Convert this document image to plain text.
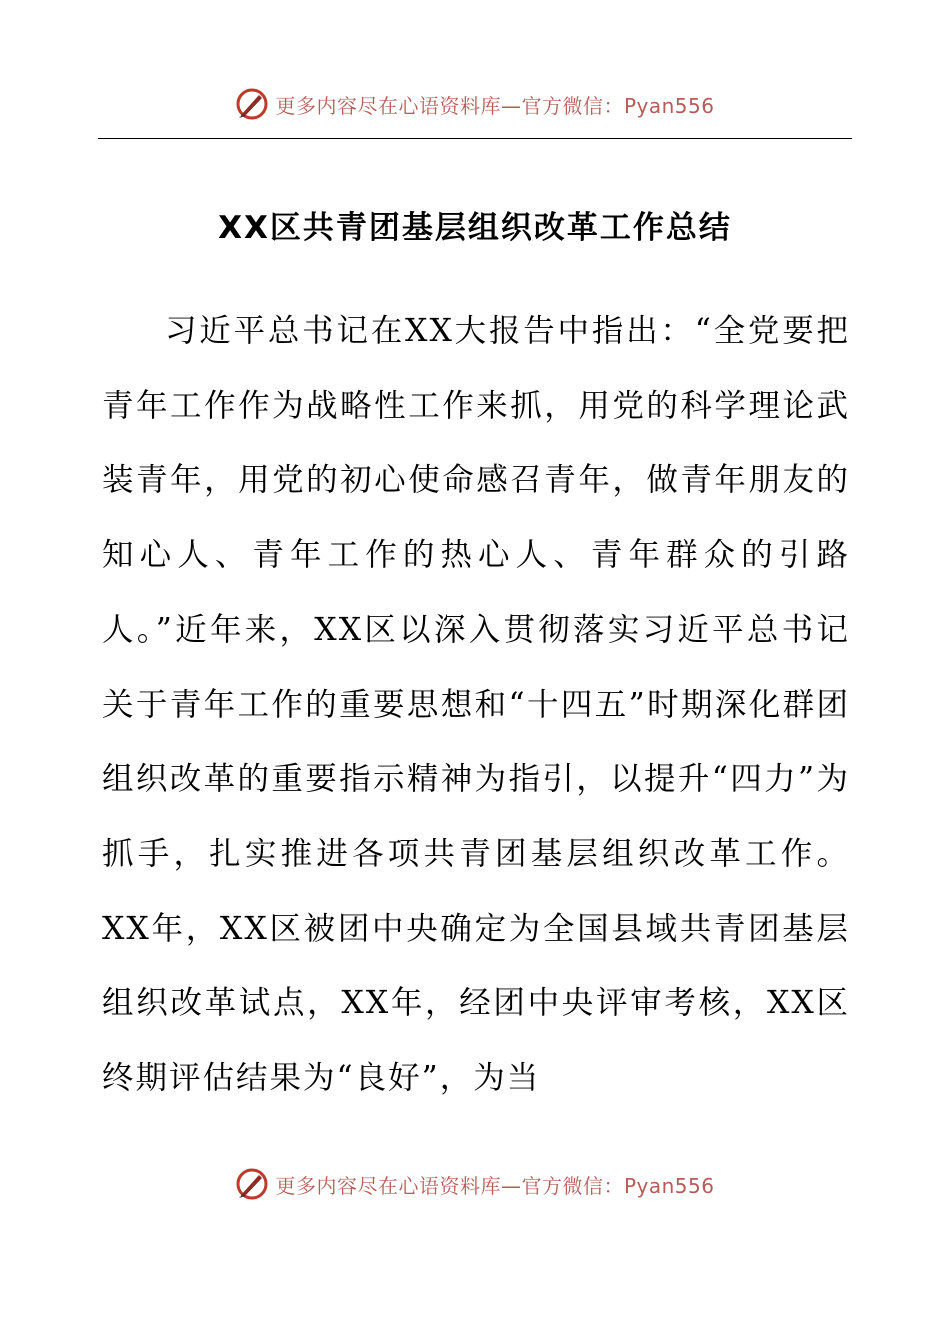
更多内容尽在心语资料库—官方微信：Pyan556
XX区共青团基层组织改革工作总结

习近平总书记在XX大报告中指出：“全党要把青年工作作为战略性工作来抓，用党的科学理论武装青年，用党的初心使命感召青年，做青年朋友的知心人、青年工作的热心人、青年群众的引路人。”近年来，XX区以深入贯彻落实习近平总书记关于青年工作的重要思想和“十四五”时期深化群团组织改革的重要指示精神为指引，以提升“四力”为抓手，扎实推进各项共青团基层组织改革工作。XX年，XX区被团中央确定为全国县域共青团基层组织改革试点，XX年，经团中央评审考核，XX区终期评估结果为“良好”，为当

更多内容尽在心语资料库—官方微信：Pyan556
